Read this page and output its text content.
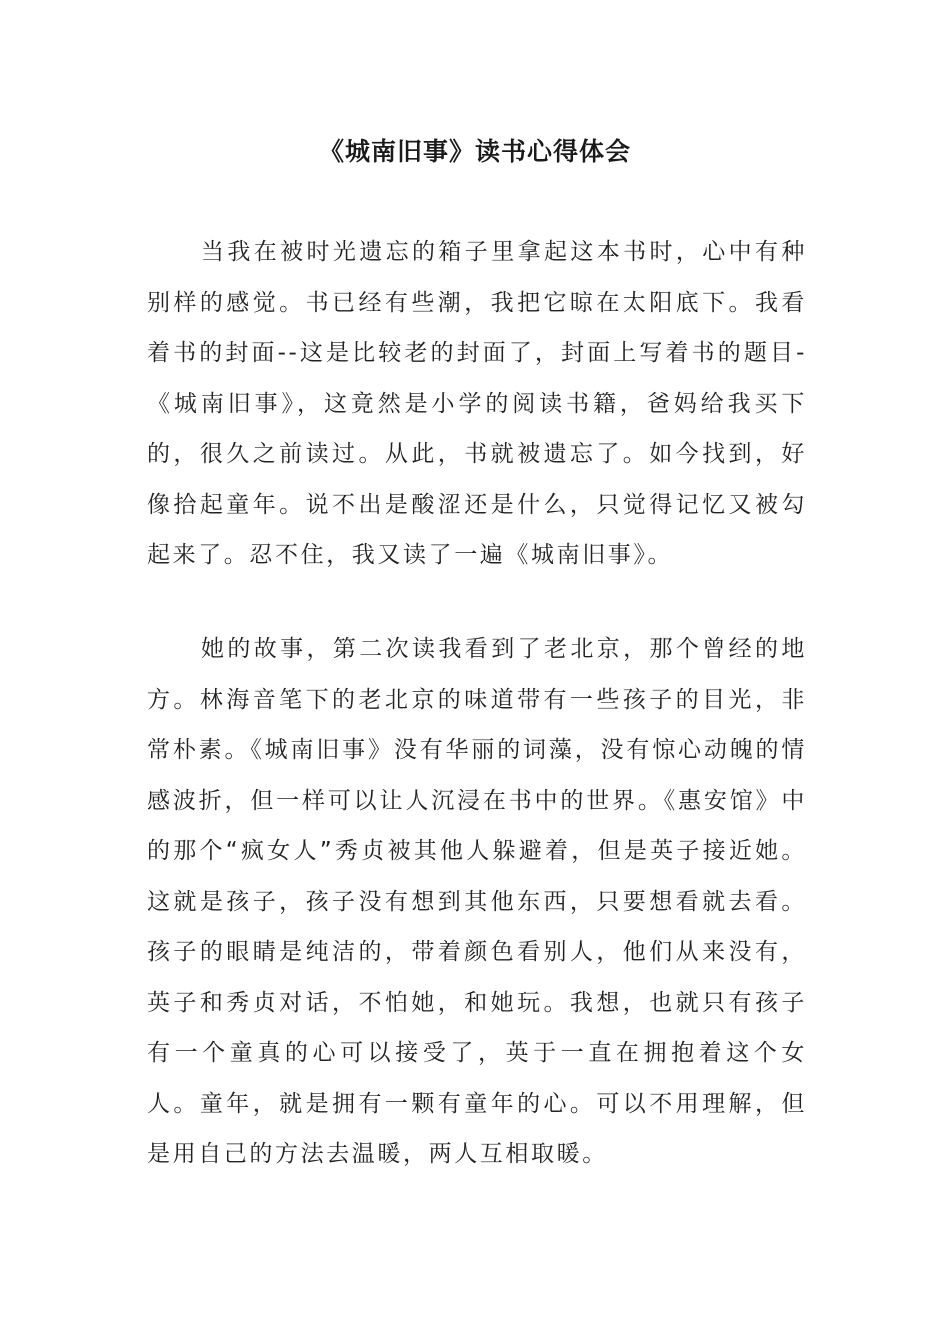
《城南旧事》读书心得体会

当我在被时光遗忘的箱子里拿起这本书时，心中有种别样的感觉。书已经有些潮，我把它晾在太阳底下。我看着书的封面--这是比较老的封面了，封面上写着书的题目-《城南旧事》，这竟然是小学的阅读书籍，爸妈给我买下的，很久之前读过。从此，书就被遗忘了。如今找到，好像拾起童年。说不出是酸涩还是什么，只觉得记忆又被勾起来了。忍不住，我又读了一遍《城南旧事》。

她的故事，第二次读我看到了老北京，那个曾经的地方。林海音笔下的老北京的味道带有一些孩子的目光，非常朴素。《城南旧事》没有华丽的词藻，没有惊心动魄的情感波折，但一样可以让人沉浸在书中的世界。《惠安馆》中的那个“疯女人”秀贞被其他人躲避着，但是英子接近她。这就是孩子，孩子没有想到其他东西，只要想看就去看。孩子的眼睛是纯洁的，带着颜色看别人，他们从来没有，英子和秀贞对话，不怕她，和她玩。我想，也就只有孩子有一个童真的心可以接受了，英于一直在拥抱着这个女人。童年，就是拥有一颗有童年的心。可以不用理解，但是用自己的方法去温暖，两人互相取暖。
